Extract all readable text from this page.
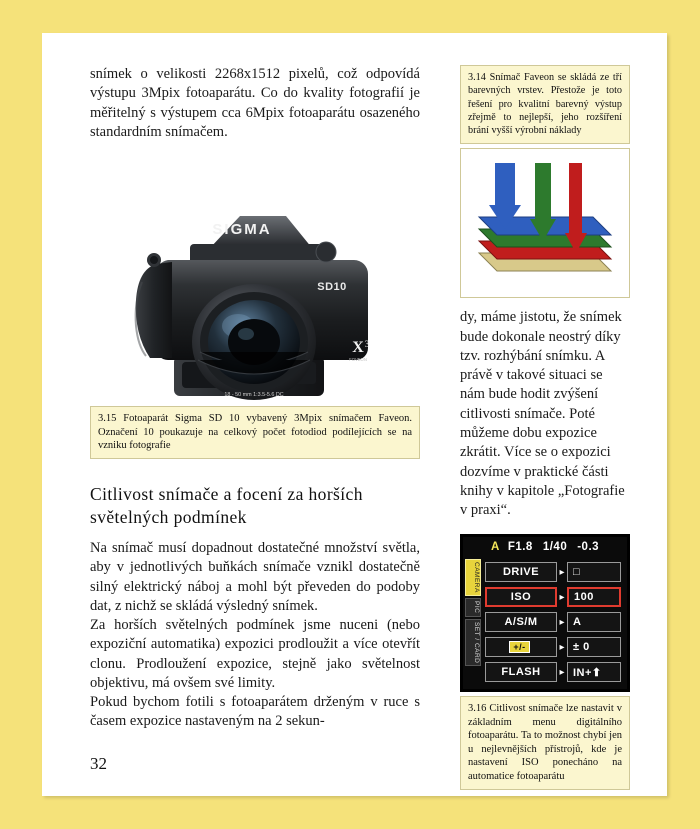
snímek o velikosti 2268x1512 pixelů, což odpovídá výstupu 3Mpix fotoaparátu. Co do kvality fotografií je měřitelný s výstupem cca 6Mpix fotoaparátu osazeného standardním snímačem.

SIGMA
SD10
18 - 50 mm 1:3.5-5.6 DC
X 3
FOVEON
3.15 Fotoaparát Sigma SD 10 vybavený 3Mpix snímačem Faveon. Označení 10 poukazuje na celkový počet fotodiod podílejících se na vzniku fotografie
Citlivost snímače a focení za horších světelných podmínek

Na snímač musí dopadnout dostatečné množství světla, aby v jednotlivých buňkách snímače vznikl dostatečně silný elektrický náboj a mohl být převeden do podoby dat, z nichž se skládá výsledný snímek.

Za horších světelných podmínek jsme nuceni (nebo expoziční automatika) expozici prodloužit a více otevřít clonu. Prodloužení expozice, stejně jako světelnost objektivu, má ovšem své limity.

Pokud bychom fotili s fotoaparátem drženým v ruce s časem expozice nastaveným na 2 sekun-

3.14 Snímač Faveon se skládá ze tří barevných vrstev. Přestože je toto řešení pro kvalitní barevný výstup zřejmě to nejlepší, jeho rozšíření brání vyšší výrobní náklady
dy, máme jistotu, že snímek bude dokonale neostrý díky tzv. rozhýbání snímku. A právě v takové situaci se nám bude hodit zvýšení citlivosti snímače. Poté můžeme dobu expozice zkrátit. Více se o expozici dozvíme v praktické části knihy v kapitole „Fotografie v praxi“.
A F1.8 1/40 -0.3
CAMERA
PIC
SET / CARD
DRIVE	▸ □
ISO	▸ 100
A/S/M	▸ A
+/-	▸ ± 0
FLASH	▸ IN+⬆
3.16 Citlivost snímače lze nastavit v základním menu digitálního fotoaparátu. Ta to možnost chybí jen u nejlevnějších přístrojů, kde je nastavení ISO ponecháno na automatice fotoaparátu
32
